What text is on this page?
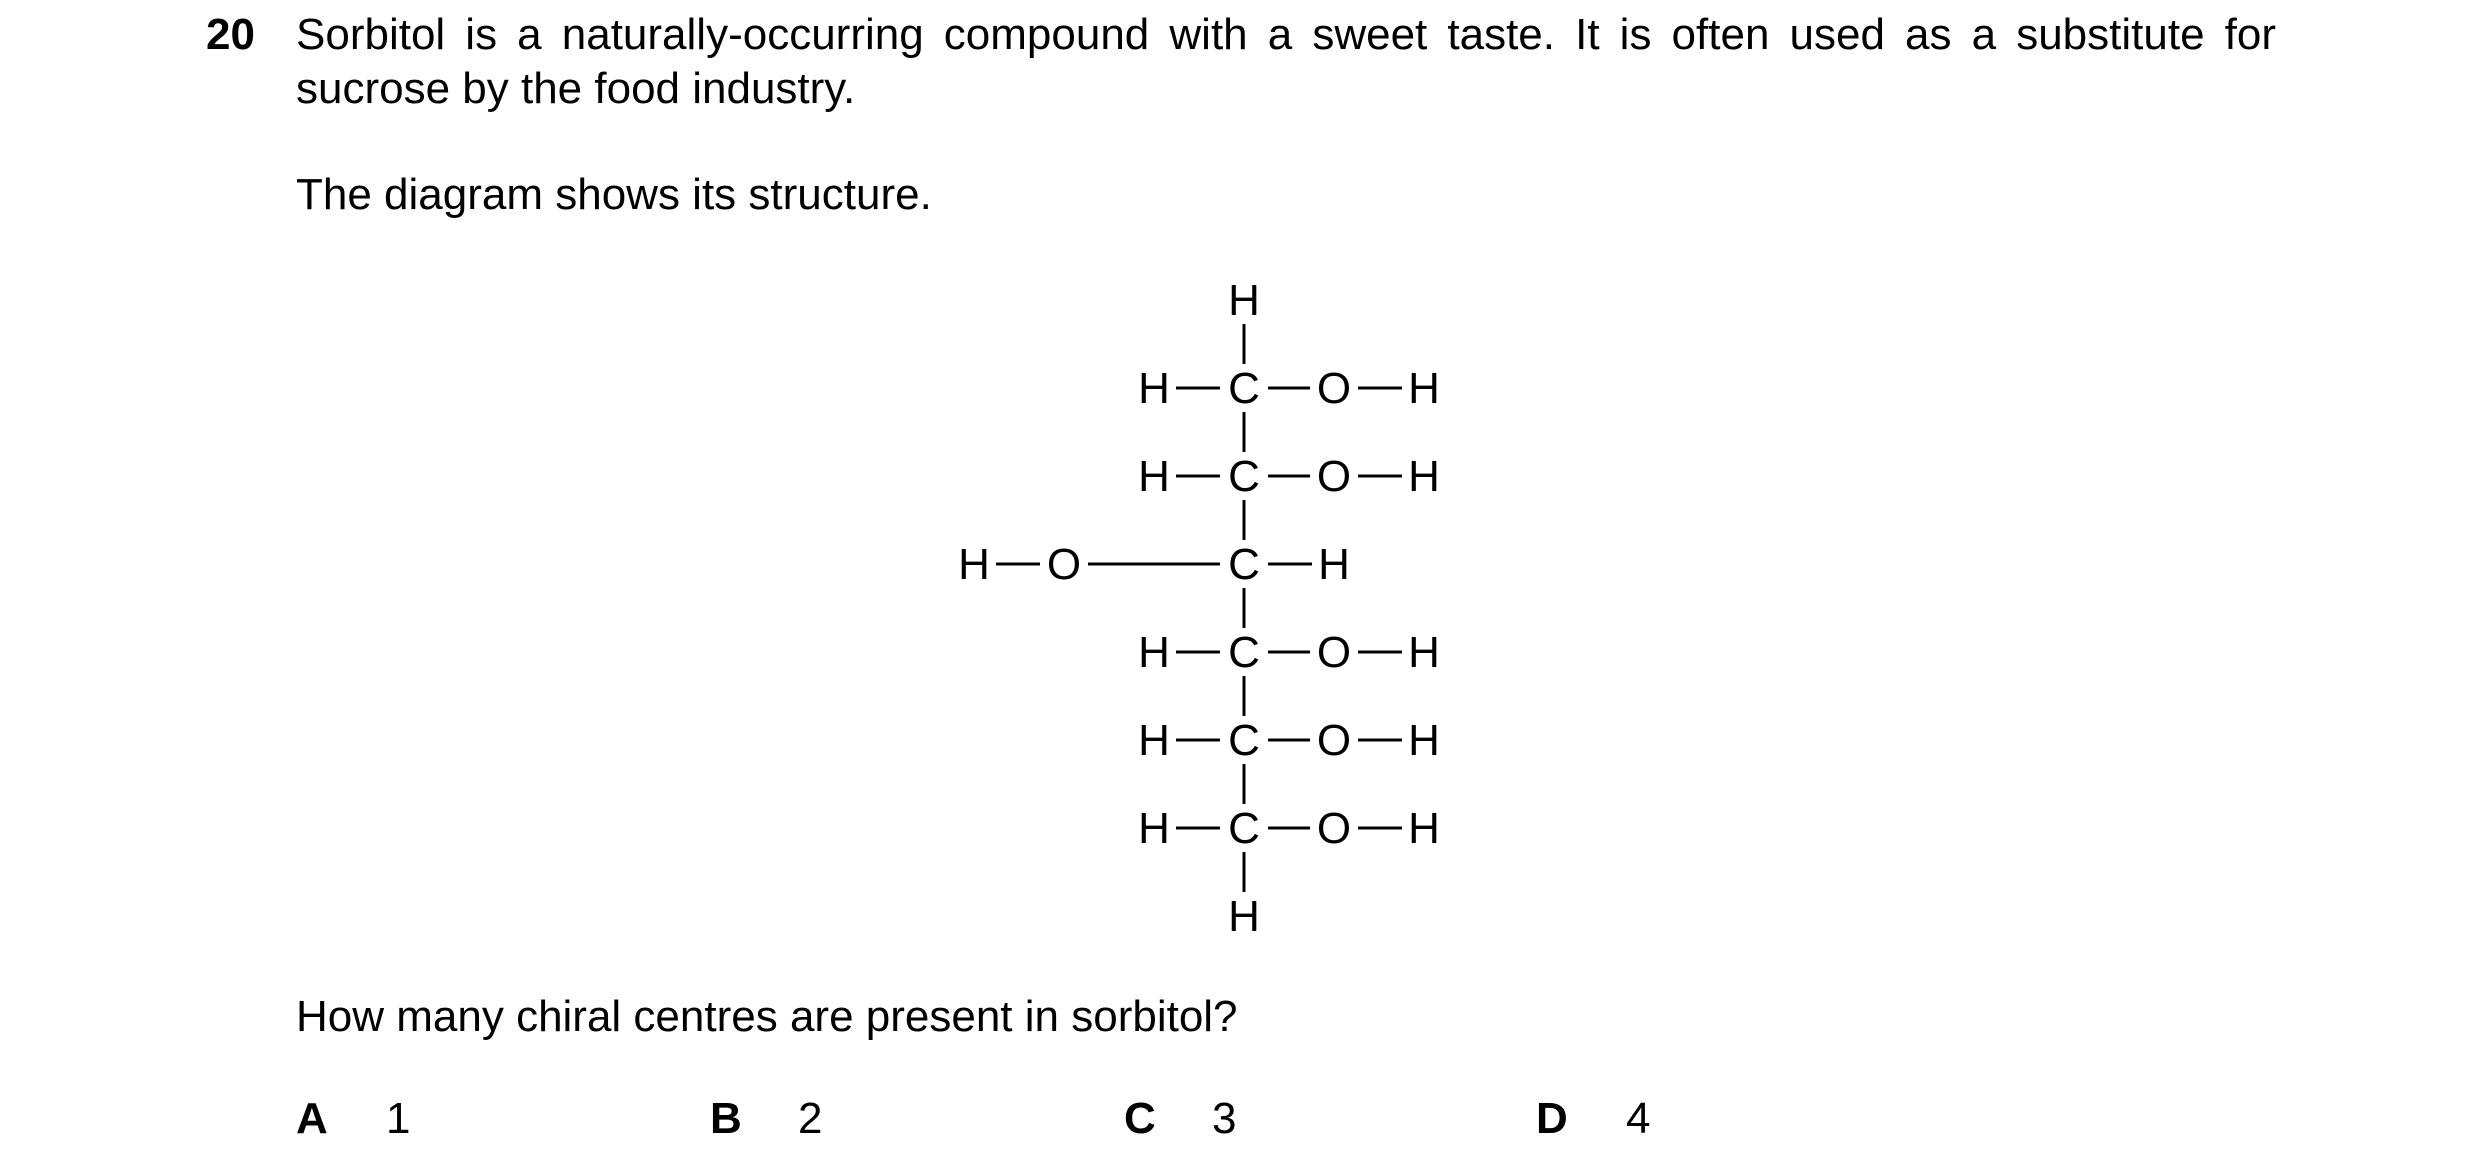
20 Sorbitol is a naturally-occurring compound with a sweet taste. It is often used as a substitute for sucrose by the food industry.
The diagram shows its structure.
H
H
C
H	O H
C
H	O H
C
O
H	H
C
H	O H
C
H	O H
C
H	O H
How many chiral centres are present in sorbitol?
A 1	B 2	C 3	D 4
